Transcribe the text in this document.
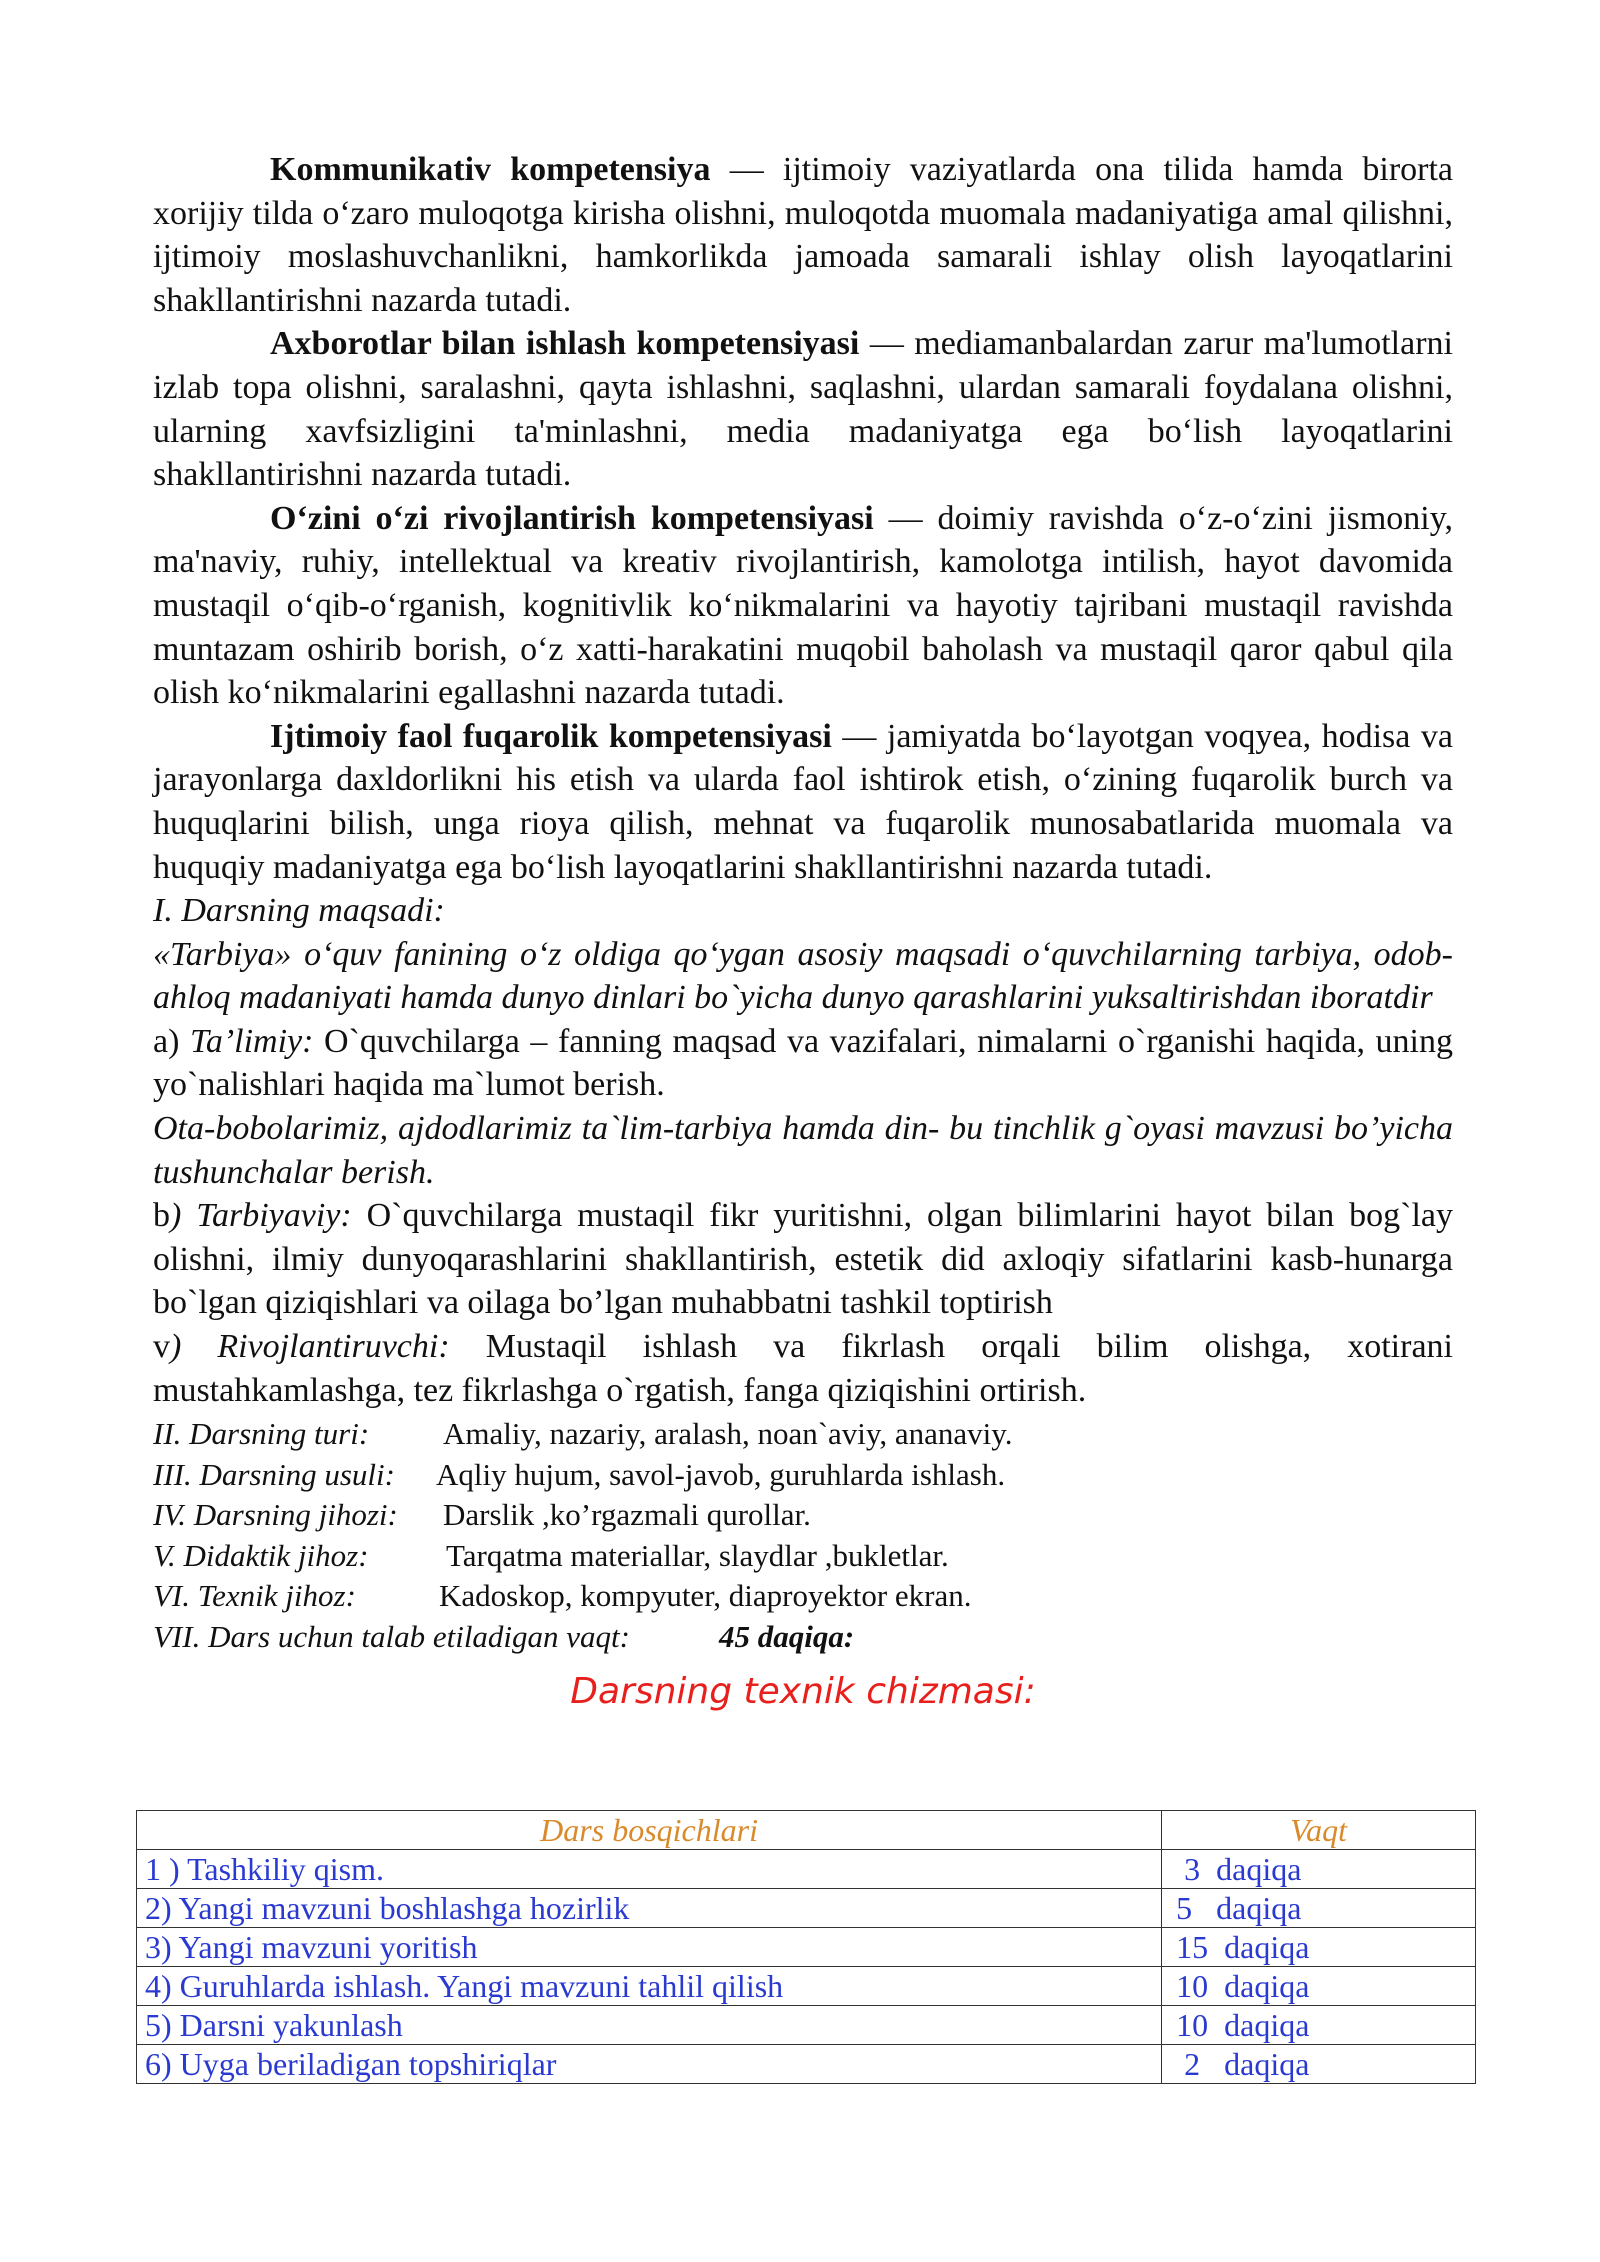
Kommunikativ kompetensiya — ijtimoiy vaziyatlarda ona tilida hamda birorta xorijiy tilda o‘zaro muloqotga kirisha olishni, muloqotda muomala madaniyatiga amal qilishni, ijtimoiy moslashuvchanlikni, hamkorlikda jamoada samarali ishlay olish layoqatlarini shakllantirishni nazarda tutadi.

Axborotlar bilan ishlash kompetensiyasi — mediamanbalardan zarur ma'lumotlarni izlab topa olishni, saralashni, qayta ishlashni, saqlashni, ulardan samarali foydalana olishni, ularning xavfsizligini ta'minlashni, media madaniyatga ega bo‘lish layoqatlarini shakllantirishni nazarda tutadi.

O‘zini o‘zi rivojlantirish kompetensiyasi — doimiy ravishda o‘z-o‘zini jismoniy, ma'naviy, ruhiy, intellektual va kreativ rivojlantirish, kamolotga intilish, hayot davomida mustaqil o‘qib-o‘rganish, kognitivlik ko‘nikmalarini va hayotiy tajribani mustaqil ravishda muntazam oshirib borish, o‘z xatti-harakatini muqobil baholash va mustaqil qaror qabul qila olish ko‘nikmalarini egallashni nazarda tutadi.

Ijtimoiy faol fuqarolik kompetensiyasi — jamiyatda bo‘layotgan voqyea, hodisa va jarayonlarga daxldorlikni his etish va ularda faol ishtirok etish, o‘zining fuqarolik burch va huquqlarini bilish, unga rioya qilish, mehnat va fuqarolik munosabatlarida muomala va huquqiy madaniyatga ega bo‘lish layoqatlarini shakllantirishni nazarda tutadi.

I. Darsning maqsadi:

«Tarbiya» o‘quv fanining o‘z oldiga qo‘ygan asosiy maqsadi o‘quvchilarning tarbiya, odob-ahloq madaniyati hamda dunyo dinlari bo`yicha dunyo qarashlarini yuksaltirishdan iboratdir

a) Ta’limiy: O`quvchilarga – fanning maqsad va vazifalari, nimalarni o`rganishi haqida, uning yo`nalishlari haqida ma`lumot berish.

Ota-bobolarimiz, ajdodlarimiz ta`lim-tarbiya hamda din- bu tinchlik g`oyasi mavzusi bo’yicha tushunchalar berish.

b) Tarbiyaviy: O`quvchilarga mustaqil fikr yuritishni, olgan bilimlarini hayot bilan bog`lay olishni, ilmiy dunyoqarashlarini shakllantirish, estetik did axloqiy sifatlarini kasb-hunarga bo`lgan qiziqishlari va oilaga bo’lgan muhabbatni tashkil toptirish

v) Rivojlantiruvchi: Mustaqil ishlash va fikrlash orqali bilim olishga, xotirani mustahkamlashga, tez fikrlashga o`rgatish, fanga qiziqishini ortirish.

II. Darsning turi: Amaliy, nazariy, aralash, noan`aviy, ananaviy.

III. Darsning usuli: Aqliy hujum, savol-javob, guruhlarda ishlash.

IV. Darsning jihozi: Darslik ,ko’rgazmali qurollar.

V. Didaktik jihoz: Tarqatma materiallar, slaydlar ,bukletlar.

VI. Texnik jihoz:	Kadoskop, kompyuter, diaproyektor ekran.

VII. Dars uchun talab etiladigan vaqt:	45 daqiqa:

Darsning texnik chizmasi:
Dars bosqichlari	Vaqt
1 ) Tashkiliy qism.	3  daqiqa
2) Yangi mavzuni boshlashga hozirlik	5   daqiqa
3) Yangi mavzuni yoritish	15  daqiqa
4) Guruhlarda ishlash. Yangi mavzuni tahlil qilish	10  daqiqa
5) Darsni yakunlash	10  daqiqa
6) Uyga beriladigan topshiriqlar	2   daqiqa
